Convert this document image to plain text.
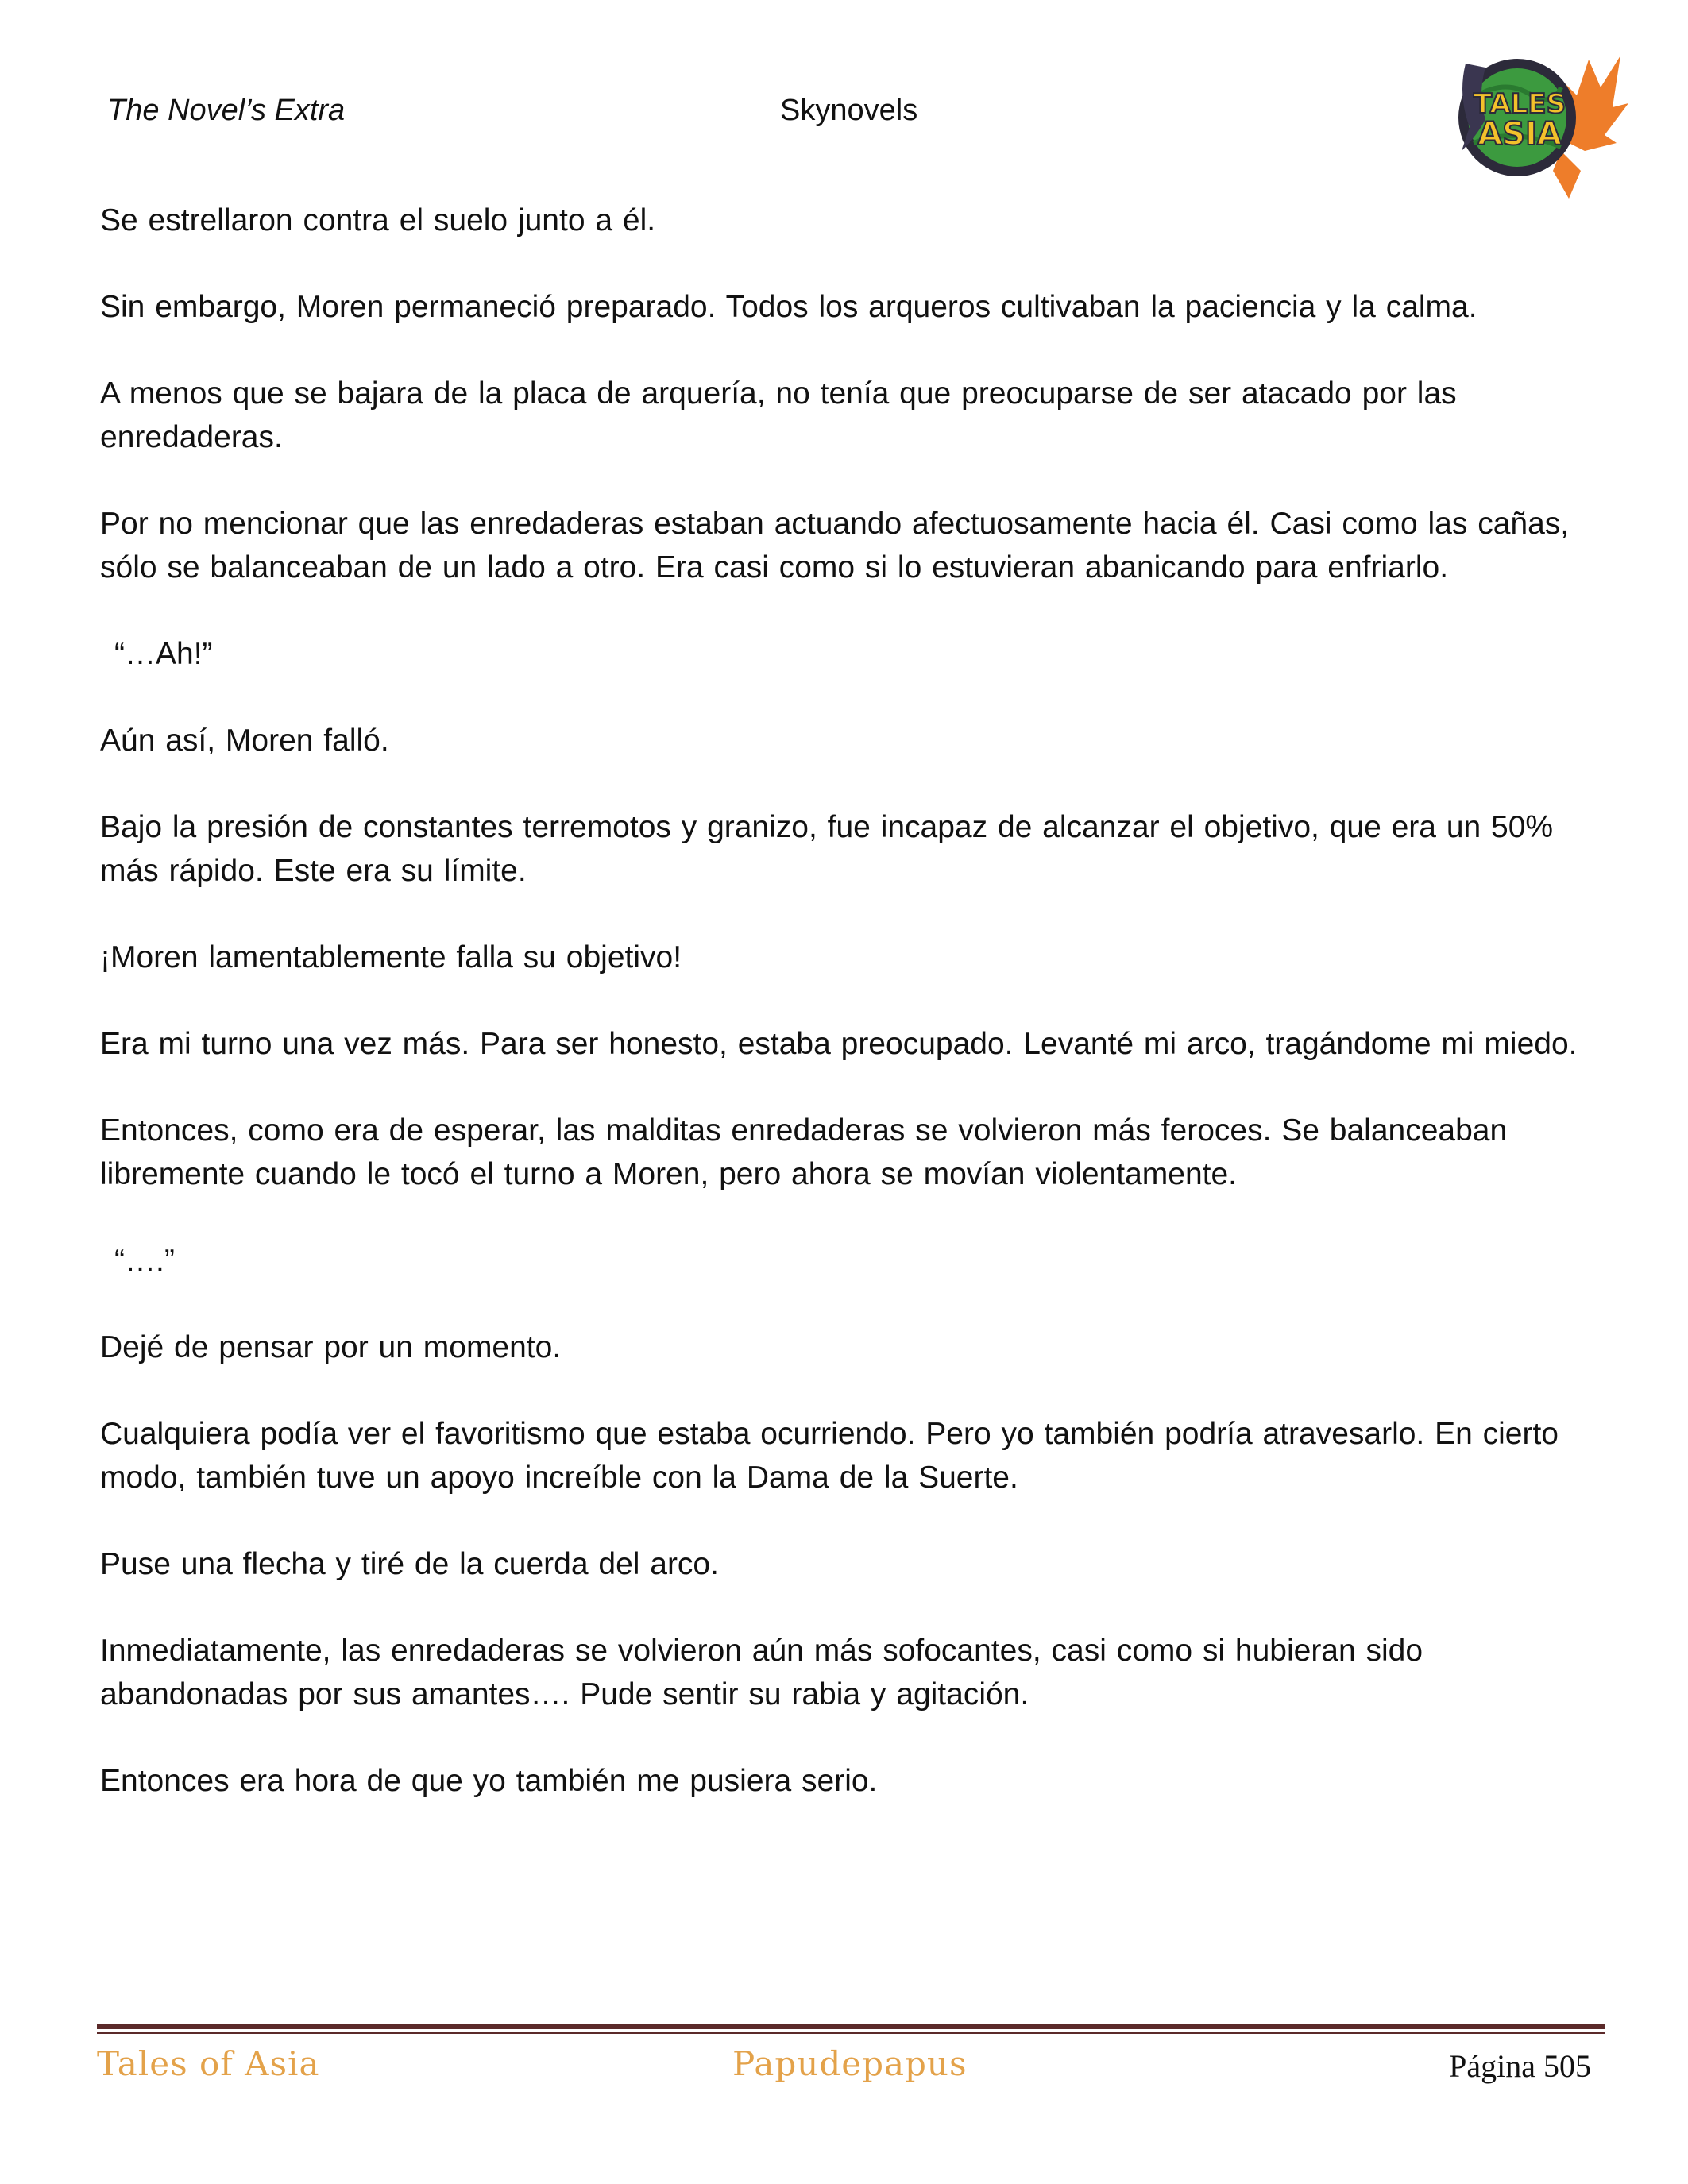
The Novel’s Extra	Skynovels	TALES
ASIA

Se estrellaron contra el suelo junto a él.

Sin embargo, Moren permaneció preparado. Todos los arqueros cultivaban la paciencia y la calma.

A menos que se bajara de la placa de arquería, no tenía que preocuparse de ser atacado por las enredaderas.

Por no mencionar que las enredaderas estaban actuando afectuosamente hacia él. Casi como las cañas, sólo se balanceaban de un lado a otro. Era casi como si lo estuvieran abanicando para enfriarlo.

“…Ah!”

Aún así, Moren falló.

Bajo la presión de constantes terremotos y granizo, fue incapaz de alcanzar el objetivo, que era un 50% más rápido. Este era su límite.

¡Moren lamentablemente falla su objetivo!

Era mi turno una vez más. Para ser honesto, estaba preocupado. Levanté mi arco, tragándome mi miedo.

Entonces, como era de esperar, las malditas enredaderas se volvieron más feroces. Se balanceaban libremente cuando le tocó el turno a Moren, pero ahora se movían violentamente.

“….”

Dejé de pensar por un momento.

Cualquiera podía ver el favoritismo que estaba ocurriendo. Pero yo también podría atravesarlo. En cierto modo, también tuve un apoyo increíble con la Dama de la Suerte.

Puse una flecha y tiré de la cuerda del arco.

Inmediatamente, las enredaderas se volvieron aún más sofocantes, casi como si hubieran sido abandonadas por sus amantes…. Pude sentir su rabia y agitación.

Entonces era hora de que yo también me pusiera serio.

Tales of Asia	Papudepapus	Página 505
